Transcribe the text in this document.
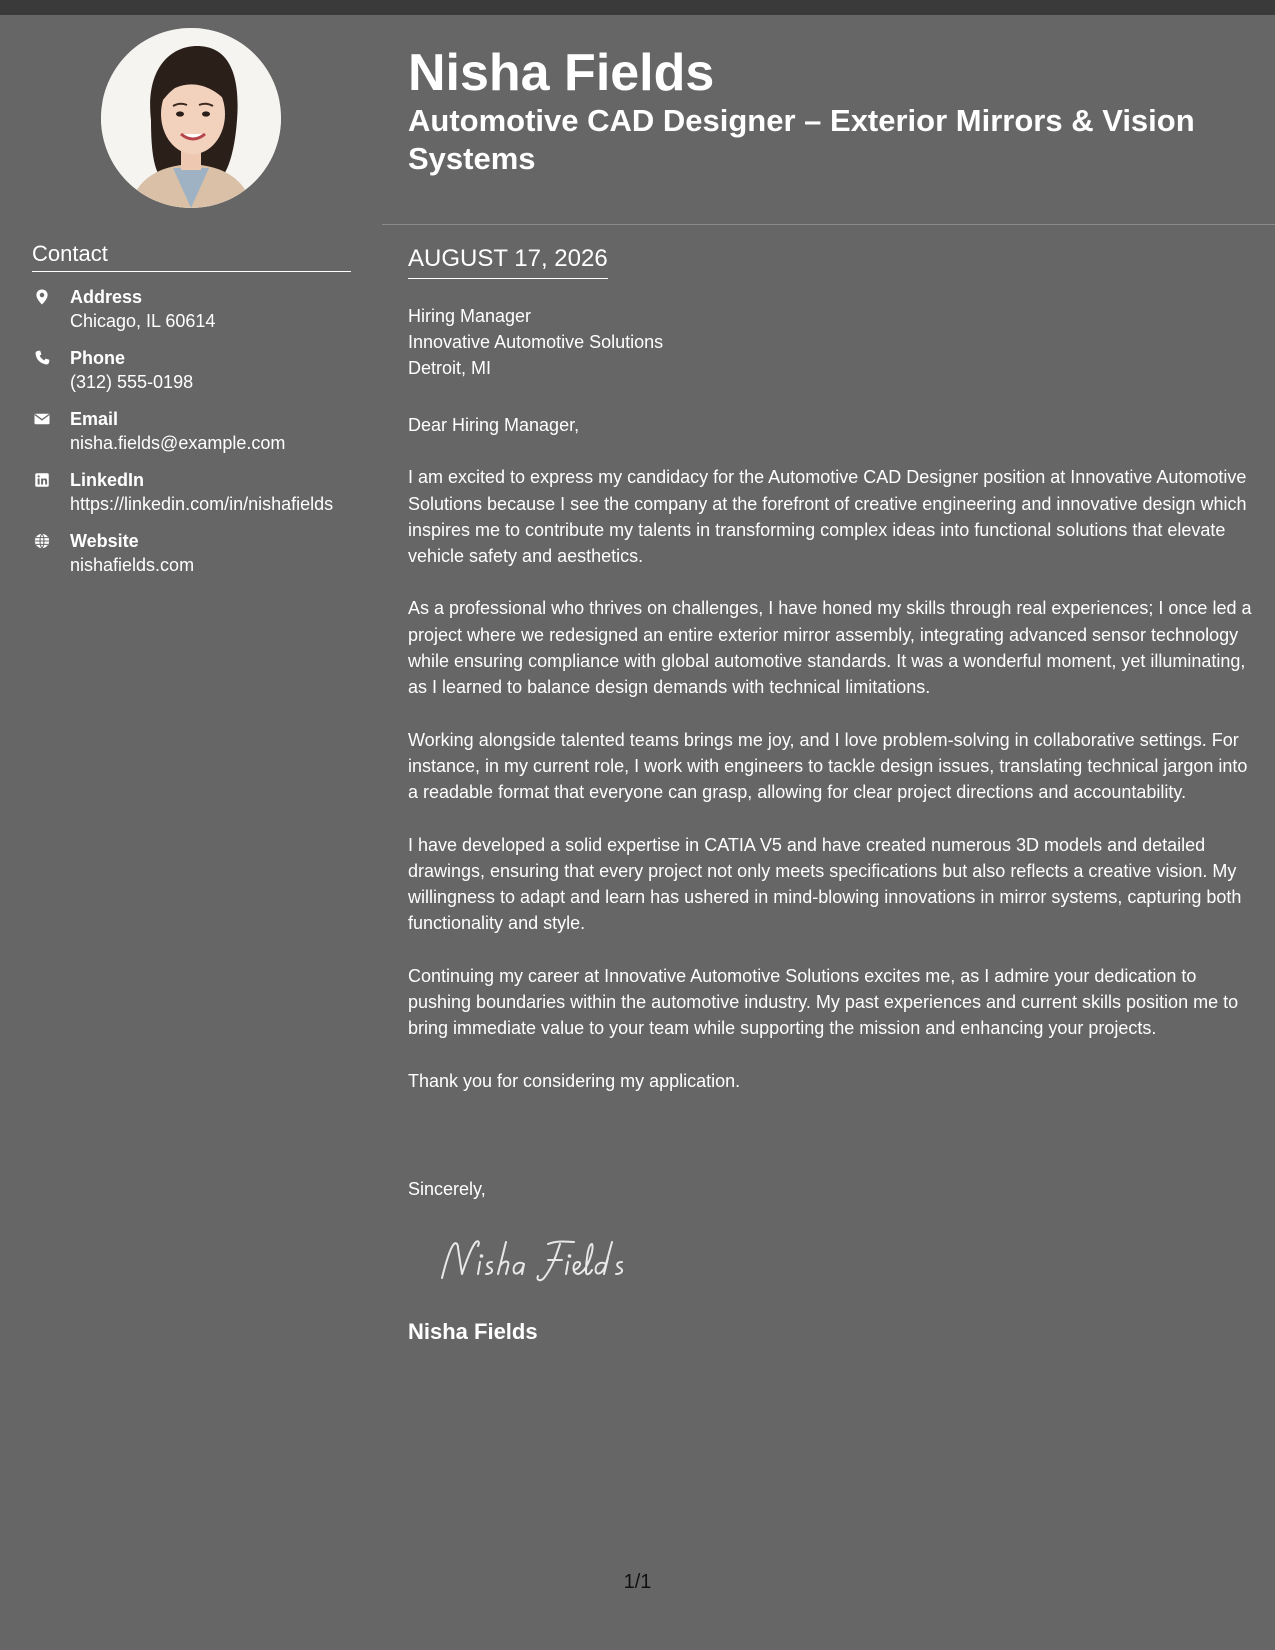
Contact
Address
Chicago, IL 60614
Phone
(312) 555-0198
Email
nisha.fields@example.com
LinkedIn
https://linkedin.com/in/nishafields
Website
nishafields.com
Nisha Fields
Automotive CAD Designer – Exterior Mirrors & Vision Systems
AUGUST 17, 2026
Hiring Manager
Innovative Automotive Solutions
Detroit, MI

Dear Hiring Manager,

I am excited to express my candidacy for the Automotive CAD Designer position at Innovative Automotive Solutions because I see the company at the forefront of creative engineering and innovative design which inspires me to contribute my talents in transforming complex ideas into functional solutions that elevate vehicle safety and aesthetics.

As a professional who thrives on challenges, I have honed my skills through real experiences; I once led a project where we redesigned an entire exterior mirror assembly, integrating advanced sensor technology while ensuring compliance with global automotive standards. It was a wonderful moment, yet illuminating, as I learned to balance design demands with technical limitations.

Working alongside talented teams brings me joy, and I love problem-solving in collaborative settings. For instance, in my current role, I work with engineers to tackle design issues, translating technical jargon into a readable format that everyone can grasp, allowing for clear project directions and accountability.

I have developed a solid expertise in CATIA V5 and have created numerous 3D models and detailed drawings, ensuring that every project not only meets specifications but also reflects a creative vision. My willingness to adapt and learn has ushered in mind-blowing innovations in mirror systems, capturing both functionality and style.

Continuing my career at Innovative Automotive Solutions excites me, as I admire your dedication to pushing boundaries within the automotive industry. My past experiences and current skills position me to bring immediate value to your team while supporting the mission and enhancing your projects.

Thank you for considering my application.

Sincerely,
Nisha Fields
1/1
